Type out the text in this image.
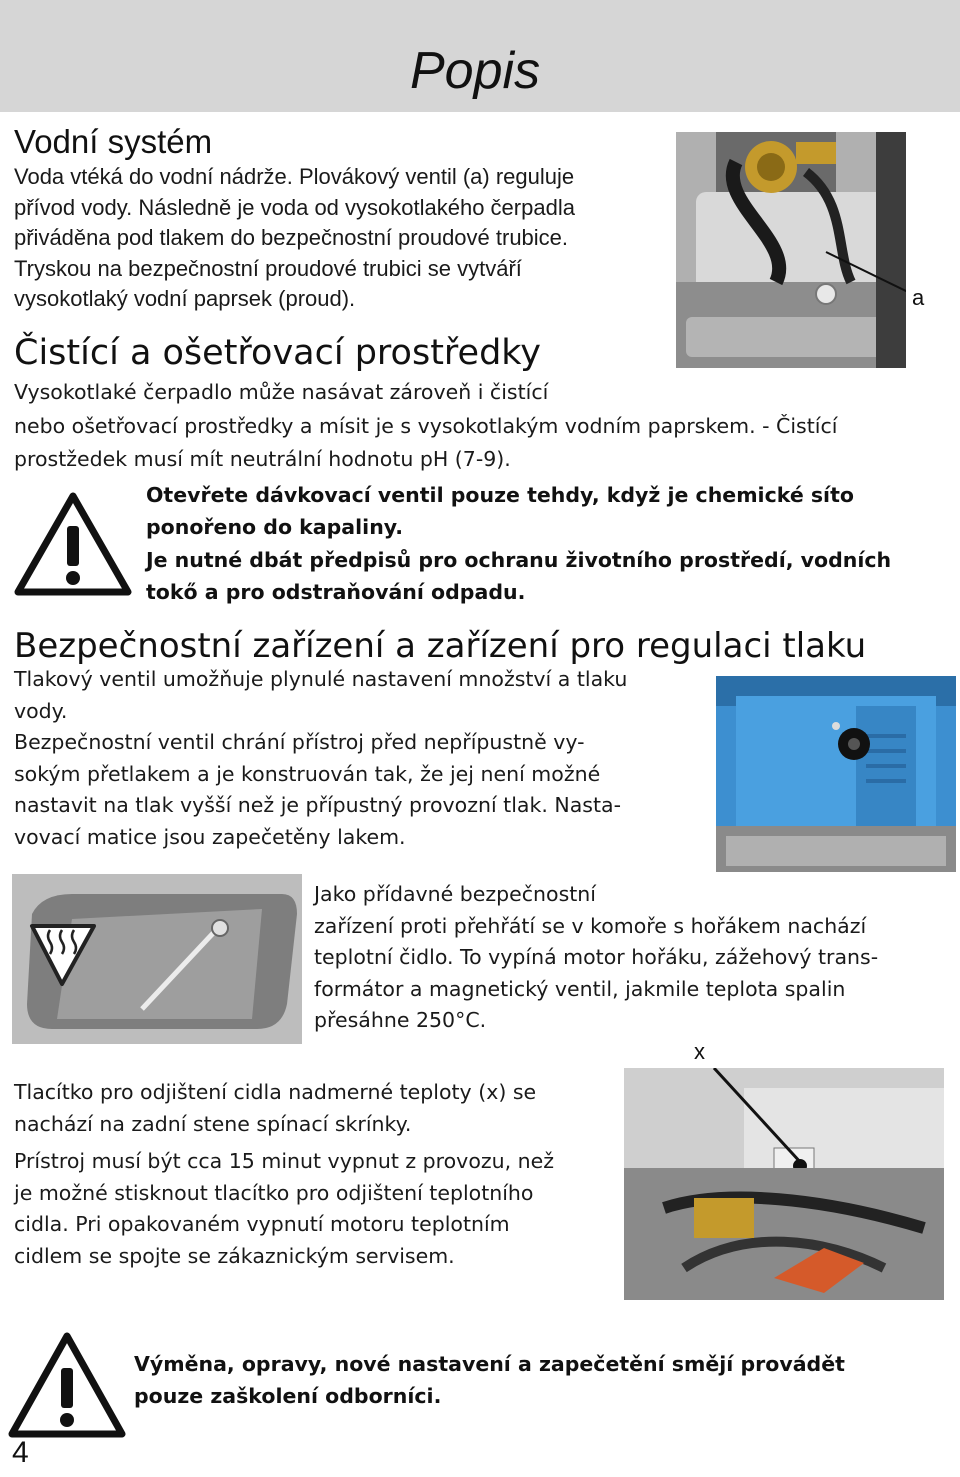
Popis
Vodní systém
Voda vtéká do vodní nádrže. Plovákový ventil (a) reguluje
přívod vody. Následně je voda od vysokotlakého čerpadla
přiváděna pod tlakem do bezpečnostní proudové trubice.
Tryskou na bezpečnostní proudové trubici se vytváří
vysokotlaký vodní paprsek (proud).	a
Čistící a ošetřovací prostředky
Vysokotlaké čerpadlo může nasávat zároveň i čistící
nebo ošetřovací prostředky a mísit je s vysokotlakým vodním paprskem. - Čistící
prostžedek musí mít neutrální hodnotu pH (7-9).
Otevřete dávkovací ventil pouze tehdy, když je chemické síto
ponořeno do kapaliny.
Je nutné dbát předpisů pro ochranu životního prostředí, vodních
tokő a pro odstraňování odpadu.
Bezpečnostní zařízení a zařízení pro regulaci tlaku
Tlakový ventil umožňuje plynulé nastavení množství a tlaku
vody.
Bezpečnostní ventil chrání přístroj před nepřípustně vy-
sokým přetlakem a je konstruován tak, že jej není možné
nastavit na tlak vyšší než je přípustný provozní tlak. Nasta-
vovací matice jsou zapečetěny lakem.
Jako přídavné bezpečnostní
zařízení proti přehřátí se v komoře s hořákem nachází
teplotní čidlo. To vypíná motor hořáku, zážehový trans-
formátor a magnetický ventil, jakmile teplota spalin
přesáhne 250°C.
x
Tlacítko pro odjištení cidla nadmerné teploty (x) se
nachází na zadní stene spínací skrínky.
Prístroj musí být cca 15 minut vypnut z provozu, než
je možné stisknout tlacítko pro odjištení teplotního
cidla. Pri opakovaném vypnutí motoru teplotním
cidlem se spojte se zákaznickým servisem.
Výměna, opravy, nové nastavení a zapečetění smějí provádět
pouze zaškolení odborníci.
4
